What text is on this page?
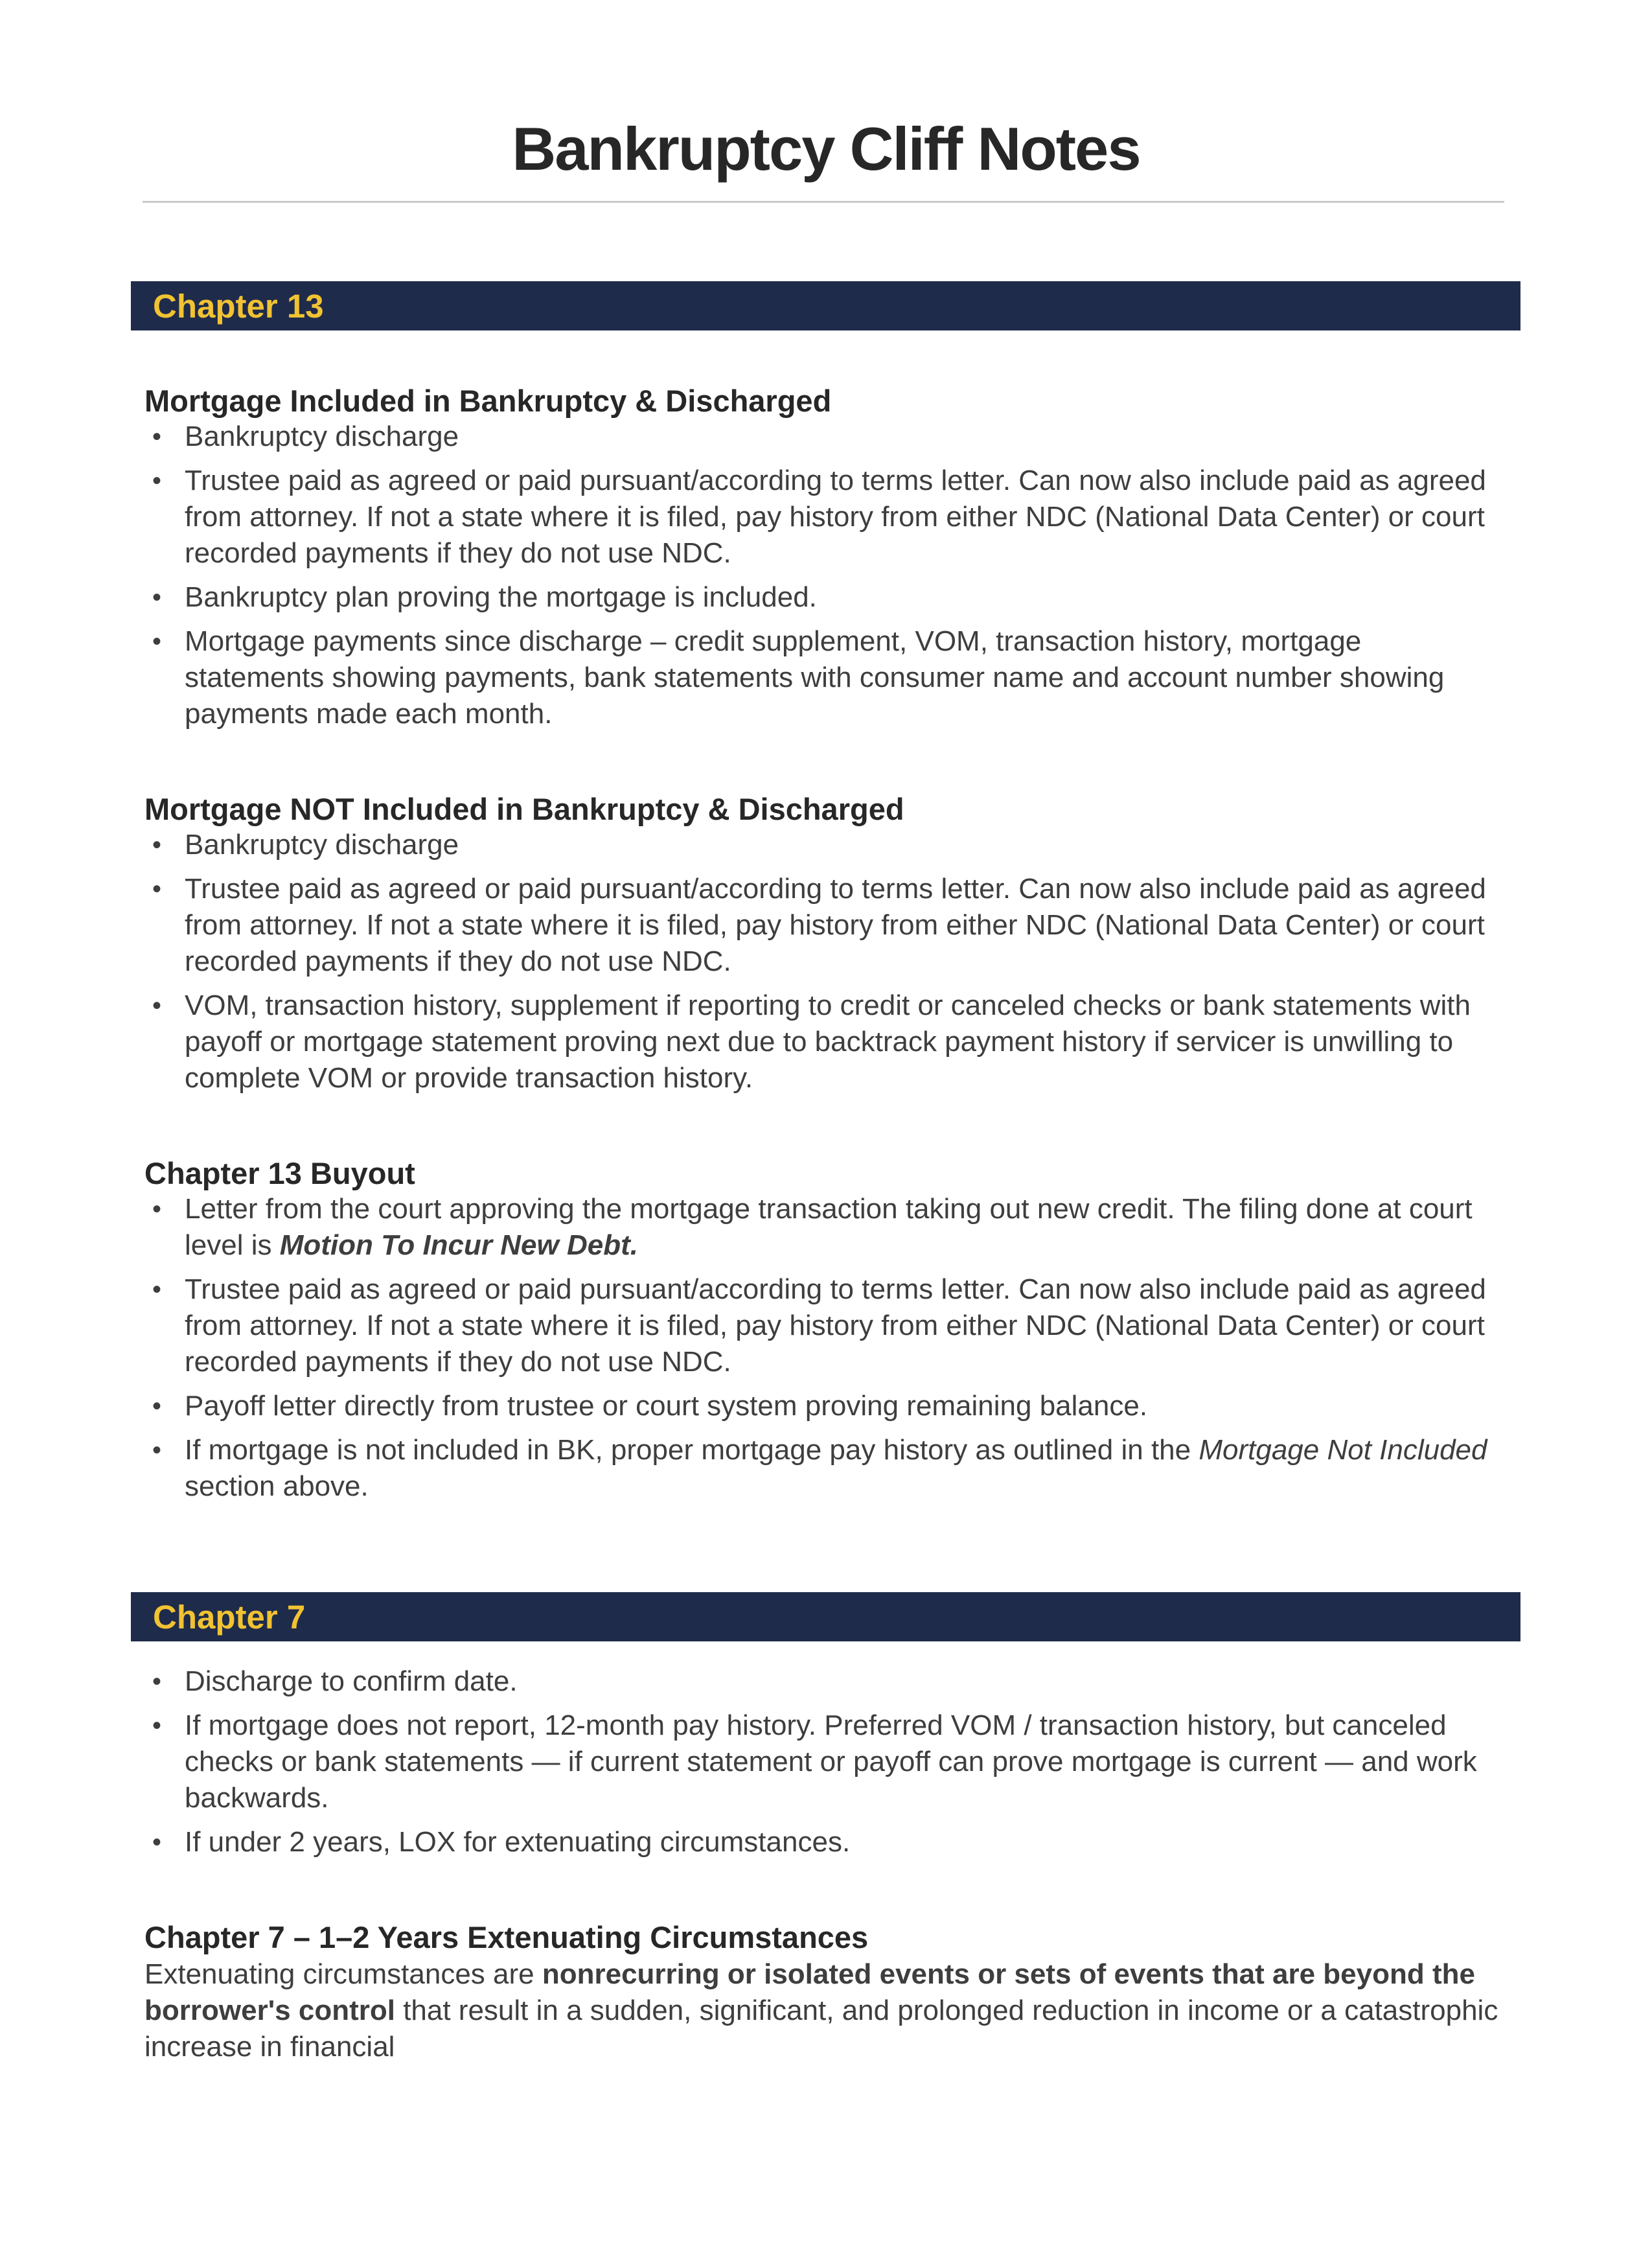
Bankruptcy Cliff Notes
Chapter 13
Mortgage Included in Bankruptcy & Discharged
• Bankruptcy discharge
• Trustee paid as agreed or paid pursuant/according to terms letter. Can now also include paid as agreed from attorney. If not a state where it is filed, pay history from either NDC (National Data Center) or court recorded payments if they do not use NDC.
• Bankruptcy plan proving the mortgage is included.
• Mortgage payments since discharge – credit supplement, VOM, transaction history, mortgage statements showing payments, bank statements with consumer name and account number showing payments made each month.
Mortgage NOT Included in Bankruptcy & Discharged
• Bankruptcy discharge
• Trustee paid as agreed or paid pursuant/according to terms letter. Can now also include paid as agreed from attorney. If not a state where it is filed, pay history from either NDC (National Data Center) or court recorded payments if they do not use NDC.
• VOM, transaction history, supplement if reporting to credit or canceled checks or bank statements with payoff or mortgage statement proving next due to backtrack payment history if servicer is unwilling to complete VOM or provide transaction history.
Chapter 13 Buyout
• Letter from the court approving the mortgage transaction taking out new credit. The filing done at court level is Motion To Incur New Debt.
• Trustee paid as agreed or paid pursuant/according to terms letter. Can now also include paid as agreed from attorney. If not a state where it is filed, pay history from either NDC (National Data Center) or court recorded payments if they do not use NDC.
• Payoff letter directly from trustee or court system proving remaining balance.
• If mortgage is not included in BK, proper mortgage pay history as outlined in the Mortgage Not Included section above.
Chapter 7
• Discharge to confirm date.
• If mortgage does not report, 12-month pay history. Preferred VOM / transaction history, but canceled checks or bank statements — if current statement or payoff can prove mortgage is current — and work backwards.
• If under 2 years, LOX for extenuating circumstances.
Chapter 7 – 1–2 Years Extenuating Circumstances

Extenuating circumstances are nonrecurring or isolated events or sets of events that are beyond the borrower's control that result in a sudden, significant, and prolonged reduction in income or a catastrophic increase in financial
